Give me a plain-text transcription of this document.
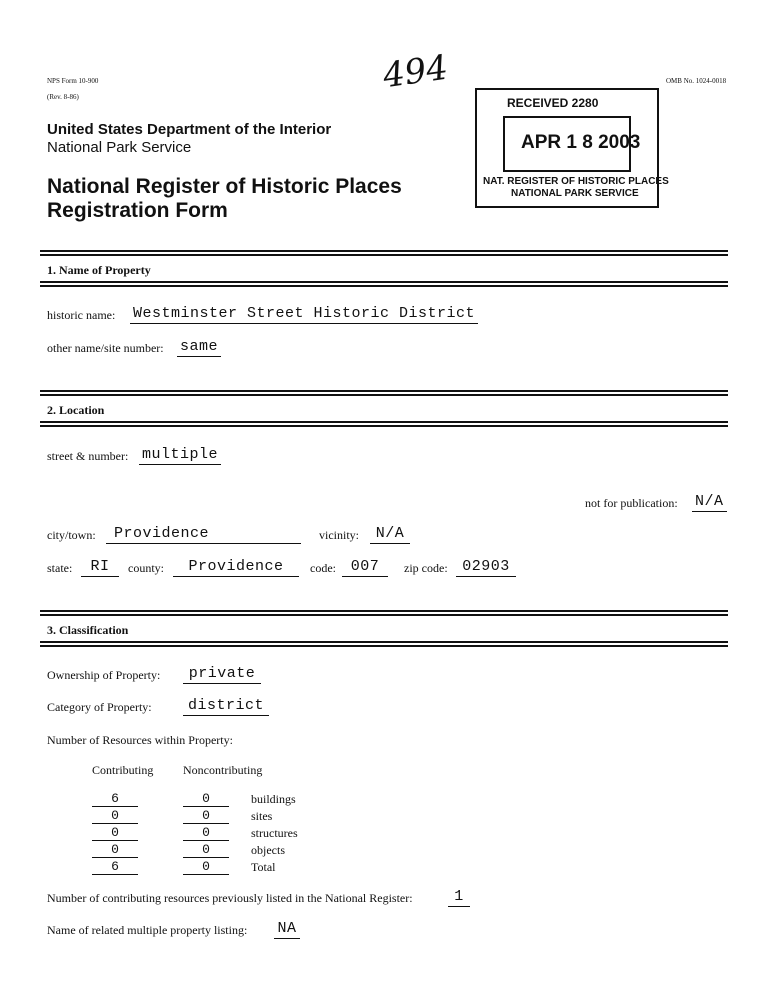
NPS Form 10-900
(Rev. 8-86)
OMB No. 1024-0018
494
United States Department of the Interior
National Park Service
National Register of Historic Places
Registration Form
RECEIVED 2280
APR 1 8 2003
NAT. REGISTER OF HISTORIC PLACES
NATIONAL PARK SERVICE
1. Name of Property
historic name: Westminster Street Historic District
other name/site number: same
2. Location
street & number: multiple
not for publication: N/A
city/town:	Providence	vicinity:	N/A
state:	RI	county:	Providence	code: 007	zip code: 02903
3. Classification
Ownership of Property:	private
Category of Property:	district
Number of Resources within Property:
Contributing Noncontributing
6	0	buildings
0	0	sites
0	0	structures
0	0	objects
6	0	Total
Number of contributing resources previously listed in the National Register:	1
Name of related multiple property listing: NA
